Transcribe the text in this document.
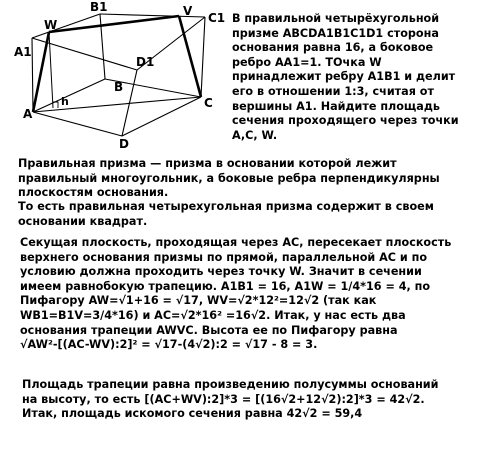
B1	V C1
W
A1
D1
B
h
A
C
D
В правильной четырёхугольной
призме ABCDA1B1C1D1 сторона
основания равна 16, а боковое
ребро AA1=1. ТОчка W
принадлежит ребру A1B1 и делит
его в отношении 1:3, считая от
вершины A1. Найдите площадь
сечения проходящего через точки
A,C, W.
Правильная призма — призма в основании которой лежит
правильный многоугольник, а боковые ребра перпендикулярны
плоскостям основания.
То есть правильная четырехугольная призма содержит в своем
основании квадрат.
Секущая плоскость, проходящая через AC, пересекает плоскость
верхнего основания призмы по прямой, параллельной AC и по
условию должна проходить через точку W. Значит в сечении
имеем равнобокую трапецию. A1B1 = 16, A1W = 1/4*16 = 4, по
Пифагору AW=√1+16 = √17, WV=√2*12²=12√2 (так как
WB1=B1V=3/4*16) и AC=√2*16² =16√2. Итак, у нас есть два
основания трапеции AWVC. Высота ее по Пифагору равна
√AW²-[(AC-WV):2]² = √17-(4√2):2 = √17 - 8 = 3.
Площадь трапеции равна произведению полусуммы оснований
на высоту, то есть [(AC+WV):2]*3 = [(16√2+12√2):2]*3 = 42√2.
Итак, площадь искомого сечения равна 42√2 = 59,4
